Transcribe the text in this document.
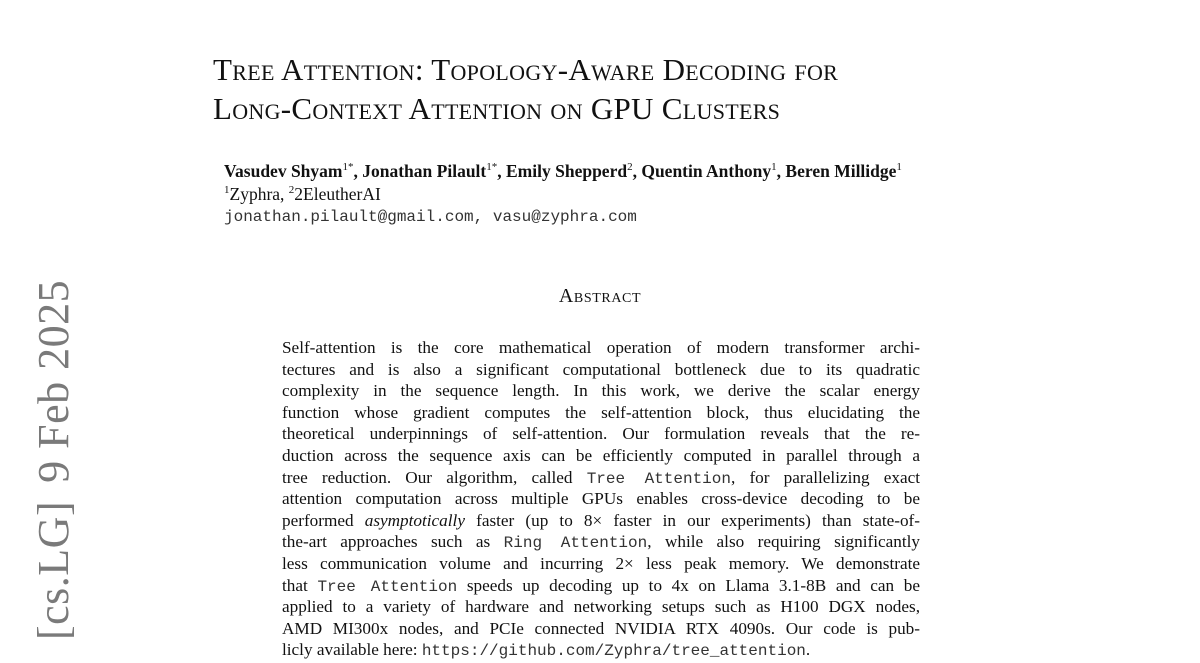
[cs.LG]9 Feb 2025
Tree Attention: Topology-Aware Decoding for
Long-Context Attention on GPU Clusters
Vasudev Shyam$^{1*}$, Jonathan Pilault$^{1*}$, Emily Shepperd$^2$, Quentin Anthony$^1$, Beren Millidge$^1$
$^1$Zyphra, $^2$2EleutherAI
jonathan.pilault@gmail.com, vasu@zyphra.com
Abstract
Self-attention is the core mathematical operation of modern transformer archi-
tectures and is also a significant computational bottleneck due to its quadratic
complexity in the sequence length. In this work, we derive the scalar energy
function whose gradient computes the self-attention block, thus elucidating the
theoretical underpinnings of self-attention. Our formulation reveals that the re-
duction across the sequence axis can be efficiently computed in parallel through a
tree reduction. Our algorithm, called Tree Attention, for parallelizing exact
attention computation across multiple GPUs enables cross-device decoding to be
performed asymptotically faster (up to 8× faster in our experiments) than state-of-
the-art approaches such as Ring Attention, while also requiring significantly
less communication volume and incurring 2× less peak memory. We demonstrate
that Tree Attention speeds up decoding up to 4x on Llama 3.1-8B and can be
applied to a variety of hardware and networking setups such as H100 DGX nodes,
AMD MI300x nodes, and PCIe connected NVIDIA RTX 4090s. Our code is pub-
licly available here: https://github.com/Zyphra/tree_attention.
